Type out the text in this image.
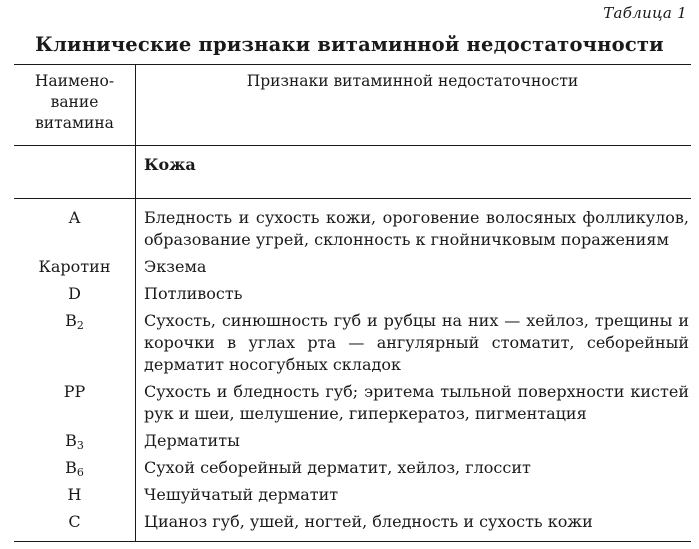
Таблица 1
Клинические признаки витаминной недостаточности
Наимено-
вание
витамина	Признаки витаминной недостаточности
	Кожа
A	Бледность и сухость кожи, ороговение волосяных фолликулов, образование угрей, склонность к гнойничковым поражениям
Каротин	Экзема
D	Потливость
$B_2$	Сухость, синюшность губ и рубцы на них — хейлоз, трещины и корочки в углах рта — ангулярный стоматит, себорейный дерматит носогубных складок
PP	Сухость и бледность губ; эритема тыльной поверхности кистей рук и шеи, шелушение, гиперкератоз, пигментация
$B_3$	Дерматиты
$B_6$	Сухой себорейный дерматит, хейлоз, глоссит
H	Чешуйчатый дерматит
C	Цианоз губ, ушей, ногтей, бледность и сухость кожи
